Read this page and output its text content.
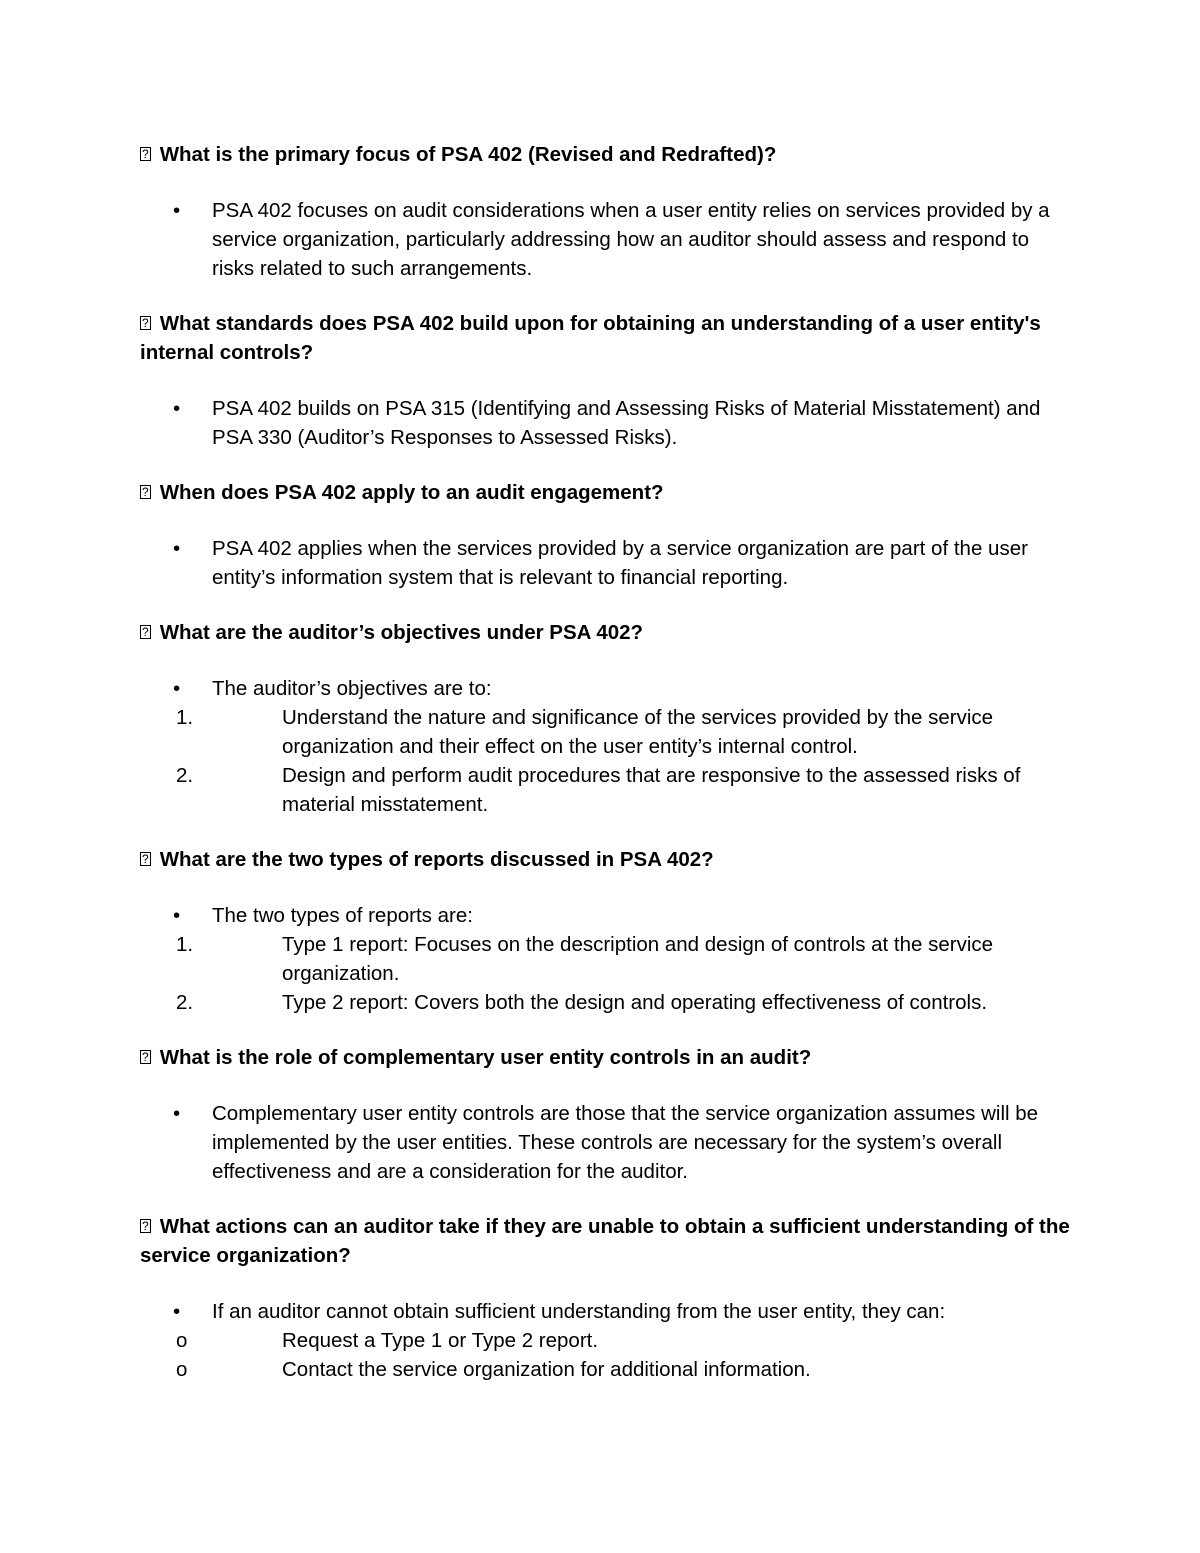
? What is the primary focus of PSA 402 (Revised and Redrafted)?
• PSA 402 focuses on audit considerations when a user entity relies on services provided by a service organization, particularly addressing how an auditor should assess and respond to risks related to such arrangements.
? What standards does PSA 402 build upon for obtaining an understanding of a user entity's internal controls?
• PSA 402 builds on PSA 315 (Identifying and Assessing Risks of Material Misstatement) and PSA 330 (Auditor’s Responses to Assessed Risks).
? When does PSA 402 apply to an audit engagement?
• PSA 402 applies when the services provided by a service organization are part of the user entity’s information system that is relevant to financial reporting.
? What are the auditor’s objectives under PSA 402?
• The auditor’s objectives are to:
1.	Understand the nature and significance of the services provided by the service organization and their effect on the user entity’s internal control.
2.	Design and perform audit procedures that are responsive to the assessed risks of material misstatement.
? What are the two types of reports discussed in PSA 402?
• The two types of reports are:
1.	Type 1 report: Focuses on the description and design of controls at the service organization.
2.	Type 2 report: Covers both the design and operating effectiveness of controls.
? What is the role of complementary user entity controls in an audit?
• Complementary user entity controls are those that the service organization assumes will be implemented by the user entities. These controls are necessary for the system’s overall effectiveness and are a consideration for the auditor.
? What actions can an auditor take if they are unable to obtain a sufficient understanding of the service organization?
• If an auditor cannot obtain sufficient understanding from the user entity, they can:
o	Request a Type 1 or Type 2 report.
o	Contact the service organization for additional information.
